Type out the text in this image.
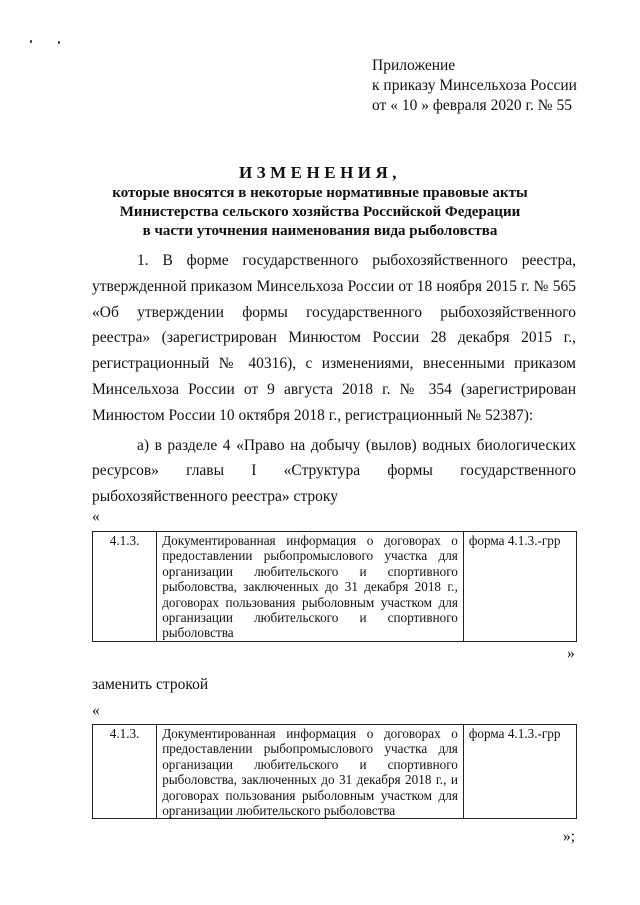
Приложение
к приказу Минсельхоза России
от « 10 » февраля 2020 г. № 55
ИЗМЕНЕНИЯ,
которые вносятся в некоторые нормативные правовые акты
Министерства сельского хозяйства Российской Федерации
в части уточнения наименования вида рыболовства

1. В форме государственного рыбохозяйственного реестра, утвержденной приказом Минсельхоза России от 18 ноября 2015 г. № 565 «Об утверждении формы государственного рыбохозяйственного реестра» (зарегистрирован Минюстом России 28 декабря 2015 г., регистрационный № 40316), с изменениями, внесенными приказом Минсельхоза России от 9 августа 2018 г. № 354 (зарегистрирован Минюстом России 10 октября 2018 г., регистрационный № 52387):

а) в разделе 4 «Право на добычу (вылов) водных биологических ресурсов» главы I «Структура формы государственного рыбохозяйственного реестра» строку

«
4.1.3.	Документированная информация о договорах о предоставлении рыбопромыслового участка для организации любительского и спортивного рыболовства, заключенных до 31 декабря 2018 г., договорах пользования рыболовным участком для организации любительского и спортивного рыболовства	форма 4.1.3.-грр
»
заменить строкой
«
4.1.3.	Документированная информация о договорах о предоставлении рыбопромыслового участка для организации любительского и спортивного рыболовства, заключенных до 31 декабря 2018 г., и договорах пользования рыболовным участком для организации любительского рыболовства	форма 4.1.3.-грр
»;
